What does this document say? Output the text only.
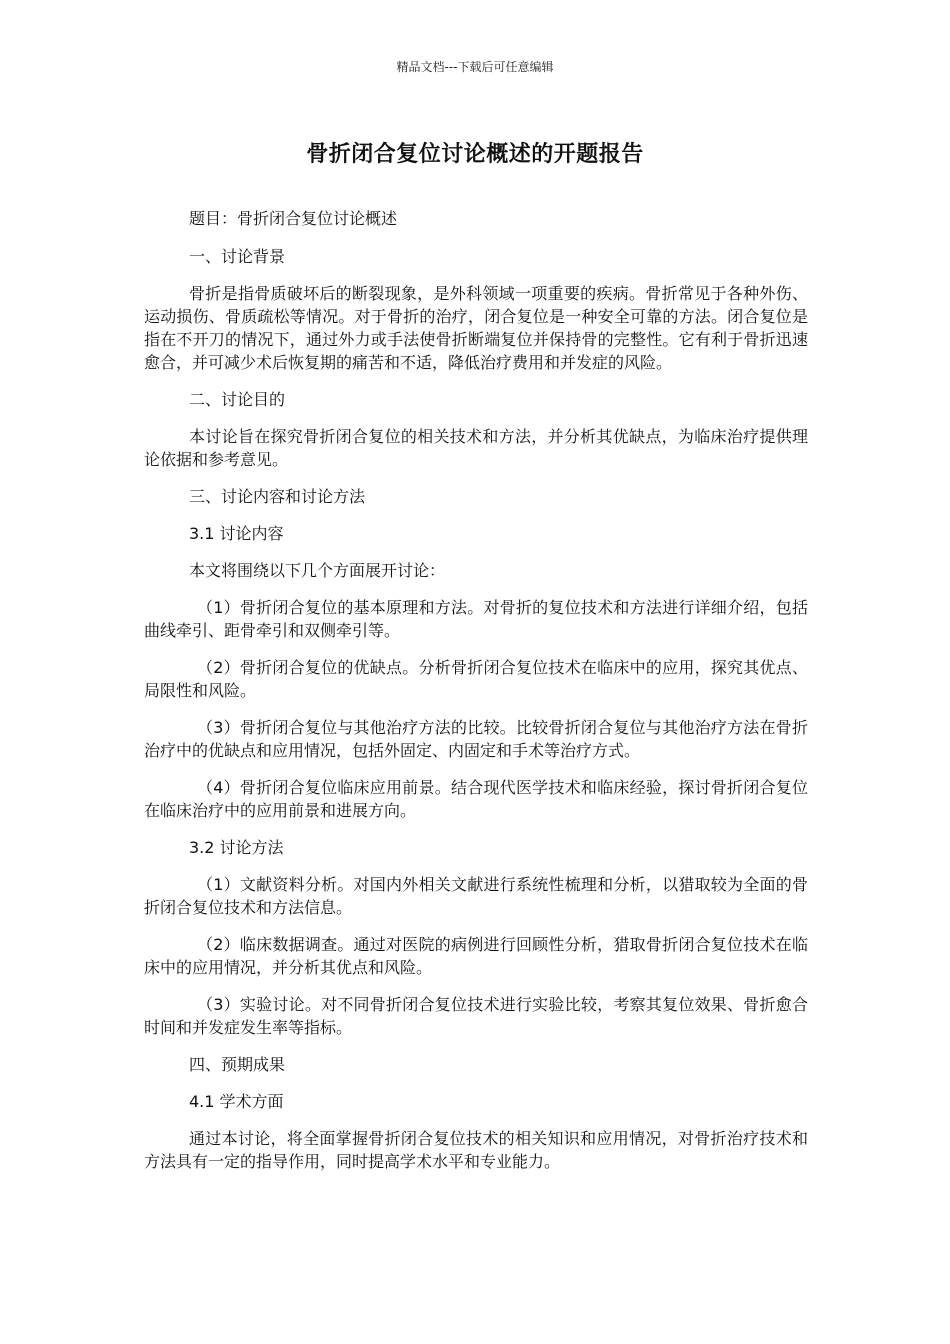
精品文档---下载后可任意编辑
骨折闭合复位讨论概述的开题报告
题目：骨折闭合复位讨论概述
一、讨论背景
骨折是指骨质破坏后的断裂现象，是外科领域一项重要的疾病。骨折常见于各种外伤、运动损伤、骨质疏松等情况。对于骨折的治疗，闭合复位是一种安全可靠的方法。闭合复位是指在不开刀的情况下，通过外力或手法使骨折断端复位并保持骨的完整性。它有利于骨折迅速愈合，并可减少术后恢复期的痛苦和不适，降低治疗费用和并发症的风险。
二、讨论目的
本讨论旨在探究骨折闭合复位的相关技术和方法，并分析其优缺点，为临床治疗提供理论依据和参考意见。
三、讨论内容和讨论方法
3.1 讨论内容
本文将围绕以下几个方面展开讨论：
（1）骨折闭合复位的基本原理和方法。对骨折的复位技术和方法进行详细介绍，包括曲线牵引、距骨牵引和双侧牵引等。
（2）骨折闭合复位的优缺点。分析骨折闭合复位技术在临床中的应用，探究其优点、局限性和风险。
（3）骨折闭合复位与其他治疗方法的比较。比较骨折闭合复位与其他治疗方法在骨折治疗中的优缺点和应用情况，包括外固定、内固定和手术等治疗方式。
（4）骨折闭合复位临床应用前景。结合现代医学技术和临床经验，探讨骨折闭合复位在临床治疗中的应用前景和进展方向。
3.2 讨论方法
（1）文献资料分析。对国内外相关文献进行系统性梳理和分析，以猎取较为全面的骨折闭合复位技术和方法信息。
（2）临床数据调查。通过对医院的病例进行回顾性分析，猎取骨折闭合复位技术在临床中的应用情况，并分析其优点和风险。
（3）实验讨论。对不同骨折闭合复位技术进行实验比较，考察其复位效果、骨折愈合时间和并发症发生率等指标。
四、预期成果
4.1 学术方面
通过本讨论，将全面掌握骨折闭合复位技术的相关知识和应用情况，对骨折治疗技术和方法具有一定的指导作用，同时提高学术水平和专业能力。
